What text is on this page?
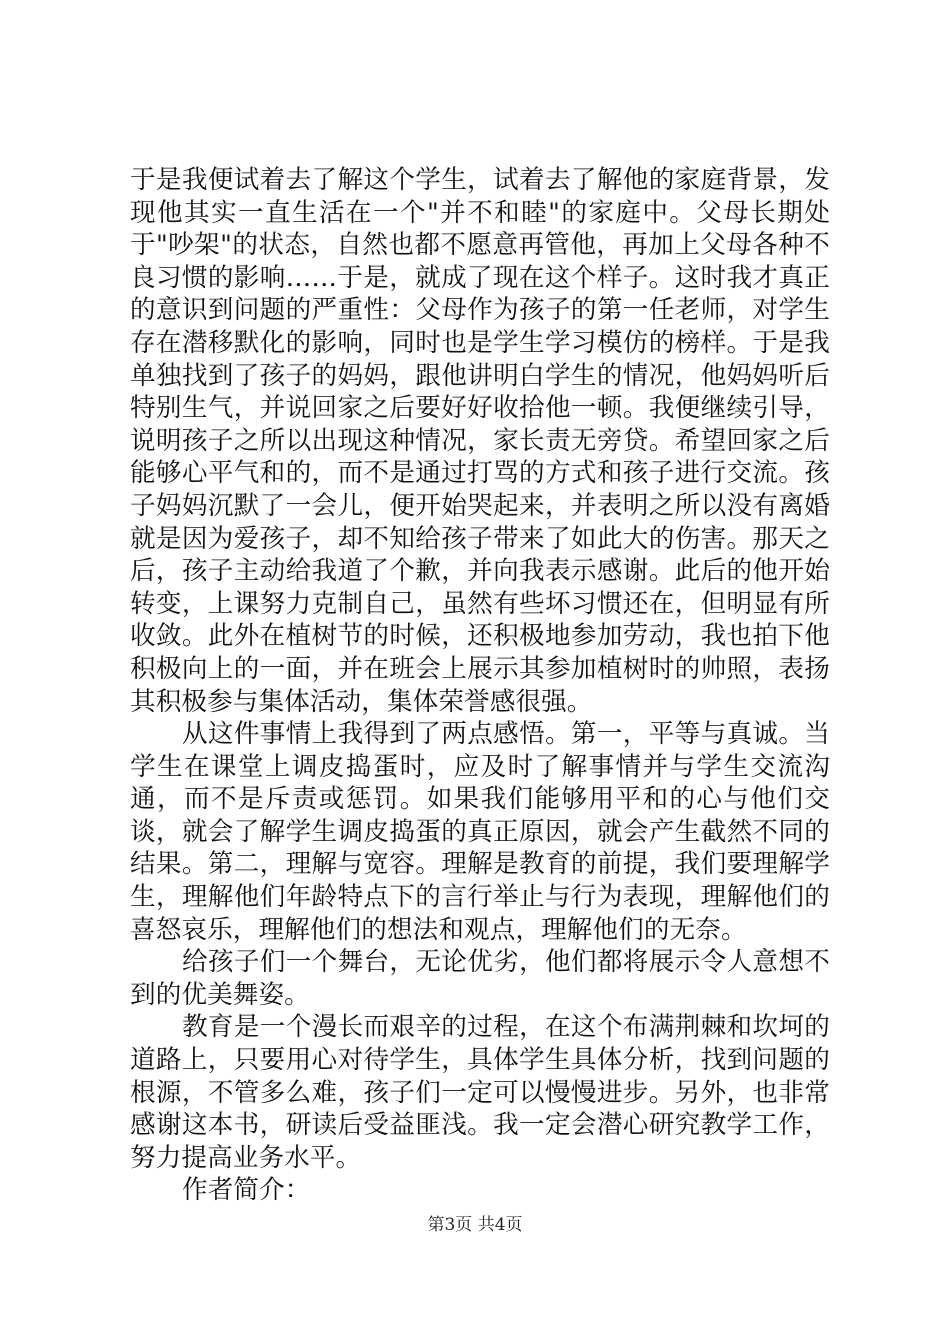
于是我便试着去了解这个学生，试着去了解他的家庭背景，发现他其实一直生活在一个"并不和睦"的家庭中。父母长期处于"吵架"的状态，自然也都不愿意再管他，再加上父母各种不良习惯的影响……于是，就成了现在这个样子。这时我才真正的意识到问题的严重性：父母作为孩子的第一任老师，对学生存在潜移默化的影响，同时也是学生学习模仿的榜样。于是我单独找到了孩子的妈妈，跟他讲明白学生的情况，他妈妈听后特别生气，并说回家之后要好好收拾他一顿。我便继续引导，说明孩子之所以出现这种情况，家长责无旁贷。希望回家之后能够心平气和的，而不是通过打骂的方式和孩子进行交流。孩子妈妈沉默了一会儿，便开始哭起来，并表明之所以没有离婚就是因为爱孩子，却不知给孩子带来了如此大的伤害。那天之后，孩子主动给我道了个歉，并向我表示感谢。此后的他开始转变，上课努力克制自己，虽然有些坏习惯还在，但明显有所收敛。此外在植树节的时候，还积极地参加劳动，我也拍下他积极向上的一面，并在班会上展示其参加植树时的帅照，表扬其积极参与集体活动，集体荣誉感很强。

从这件事情上我得到了两点感悟。第一，平等与真诚。当学生在课堂上调皮捣蛋时，应及时了解事情并与学生交流沟通，而不是斥责或惩罚。如果我们能够用平和的心与他们交谈，就会了解学生调皮捣蛋的真正原因，就会产生截然不同的结果。第二，理解与宽容。理解是教育的前提，我们要理解学生，理解他们年龄特点下的言行举止与行为表现，理解他们的喜怒哀乐，理解他们的想法和观点，理解他们的无奈。

给孩子们一个舞台，无论优劣，他们都将展示令人意想不到的优美舞姿。

教育是一个漫长而艰辛的过程，在这个布满荆棘和坎坷的道路上，只要用心对待学生，具体学生具体分析，找到问题的根源，不管多么难，孩子们一定可以慢慢进步。另外，也非常感谢这本书，研读后受益匪浅。我一定会潜心研究教学工作，努力提高业务水平。

作者简介：

第3页 共4页
